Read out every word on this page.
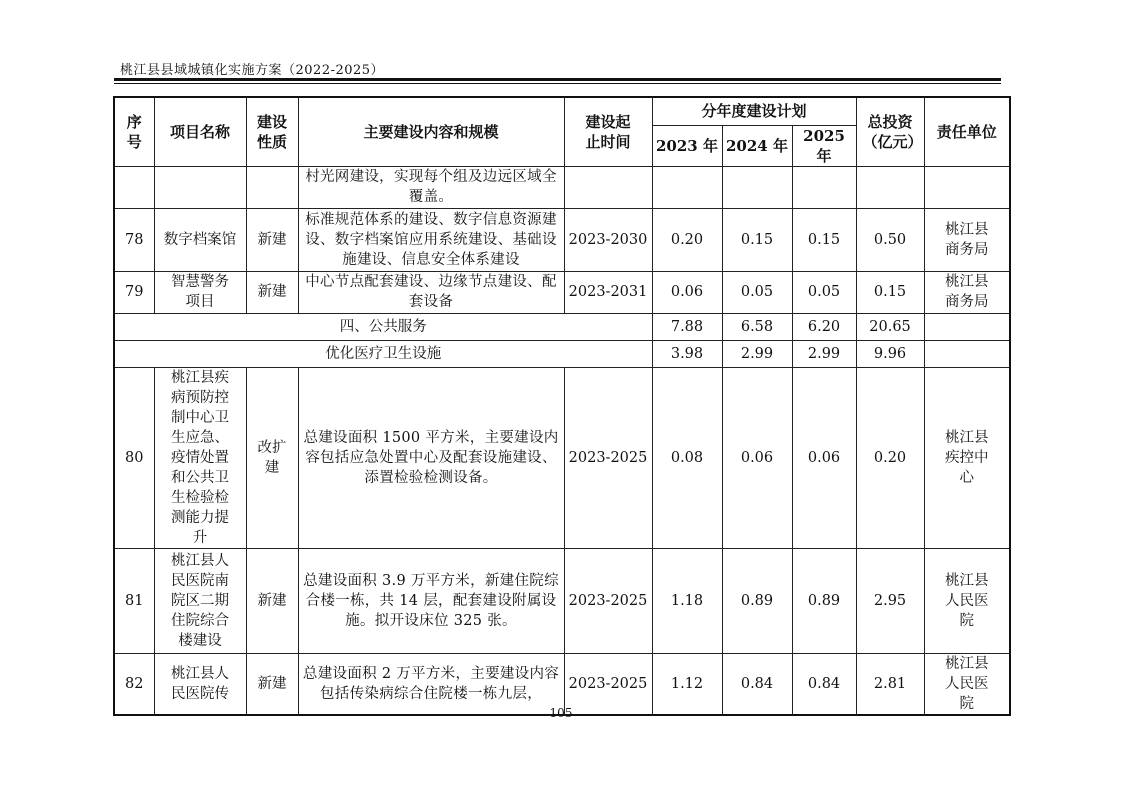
桃江县县域城镇化实施方案（2022-2025）
序号	项目名称	建设性质	主要建设内容和规模	建设起止时间	分年度建设计划			总投资（亿元）	责任单位
					2023 年	2024 年	2025 年		
			村光网建设，实现每个组及边远区域全覆盖。						
78	数字档案馆	新建	标准规范体系的建设、数字信息资源建设、数字档案馆应用系统建设、基础设施建设、信息安全体系建设	2023-2030	0.20	0.15	0.15	0.50	桃江县商务局
79	智慧警务项目	新建	中心节点配套建设、边缘节点建设、配套设备	2023-2031	0.06	0.05	0.05	0.15	桃江县商务局
四、公共服务					7.88	6.58	6.20	20.65	
优化医疗卫生设施					3.98	2.99	2.99	9.96	
80	桃江县疾病预防控制中心卫生应急、疫情处置和公共卫生检验检测能力提升	改扩建	总建设面积 1500 平方米，主要建设内容包括应急处置中心及配套设施建设、添置检验检测设备。	2023-2025	0.08	0.06	0.06	0.20	桃江县疾控中心
81	桃江县人民医院南院区二期住院综合楼建设	新建	总建设面积 3.9 万平方米，新建住院综合楼一栋，共 14 层，配套建设附属设施。拟开设床位 325 张。	2023-2025	1.18	0.89	0.89	2.95	桃江县人民医院
82	桃江县人民医院传	新建	总建设面积 2 万平方米，主要建设内容包括传染病综合住院楼一栋九层，	2023-2025	1.12	0.84	0.84	2.81	桃江县人民医院
105
